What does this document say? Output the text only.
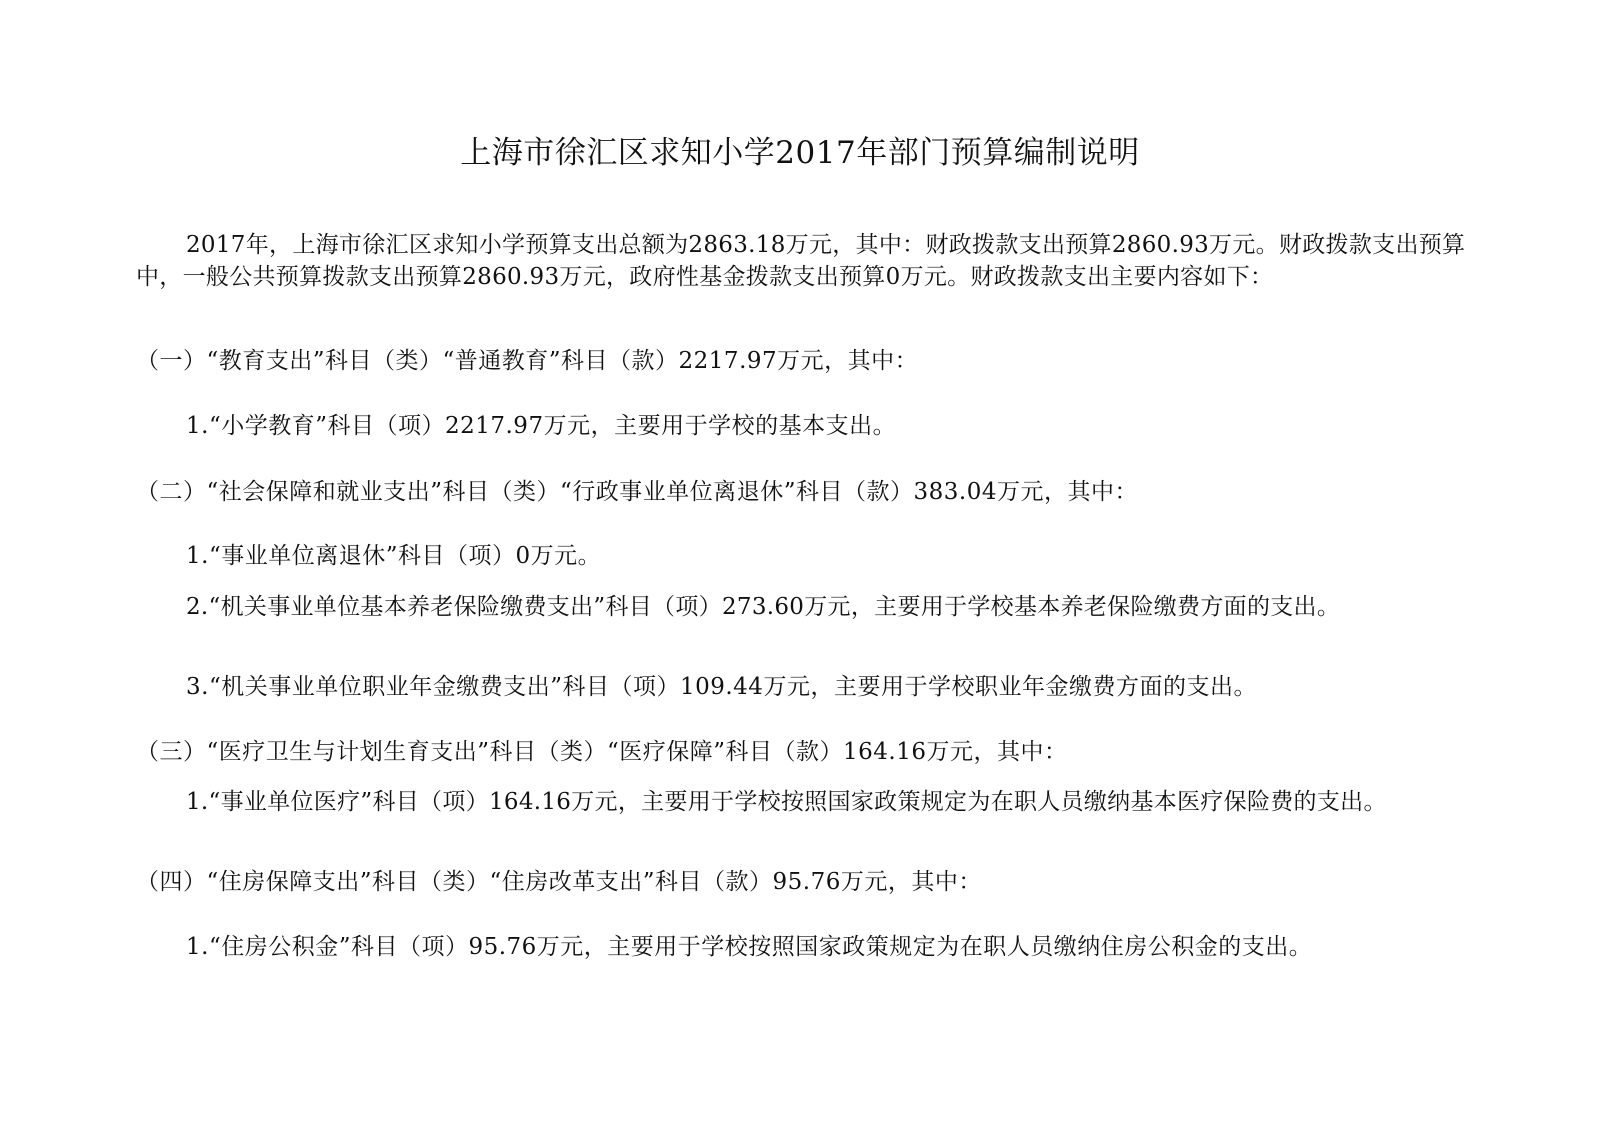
上海市徐汇区求知小学2017年部门预算编制说明
2017年，上海市徐汇区求知小学预算支出总额为2863.18万元，其中：财政拨款支出预算2860.93万元。财政拨款支出预算中，一般公共预算拨款支出预算2860.93万元，政府性基金拨款支出预算0万元。财政拨款支出主要内容如下：
（一）“教育支出”科目（类）“普通教育”科目（款）2217.97万元，其中：
1.“小学教育”科目（项）2217.97万元，主要用于学校的基本支出。
（二）“社会保障和就业支出”科目（类）“行政事业单位离退休”科目（款）383.04万元，其中：
1.“事业单位离退休”科目（项）0万元。
2.“机关事业单位基本养老保险缴费支出”科目（项）273.60万元，主要用于学校基本养老保险缴费方面的支出。
3.“机关事业单位职业年金缴费支出”科目（项）109.44万元，主要用于学校职业年金缴费方面的支出。
（三）“医疗卫生与计划生育支出”科目（类）“医疗保障”科目（款）164.16万元，其中：
1.“事业单位医疗”科目（项）164.16万元，主要用于学校按照国家政策规定为在职人员缴纳基本医疗保险费的支出。
（四）“住房保障支出”科目（类）“住房改革支出”科目（款）95.76万元，其中：
1.“住房公积金”科目（项）95.76万元，主要用于学校按照国家政策规定为在职人员缴纳住房公积金的支出。
